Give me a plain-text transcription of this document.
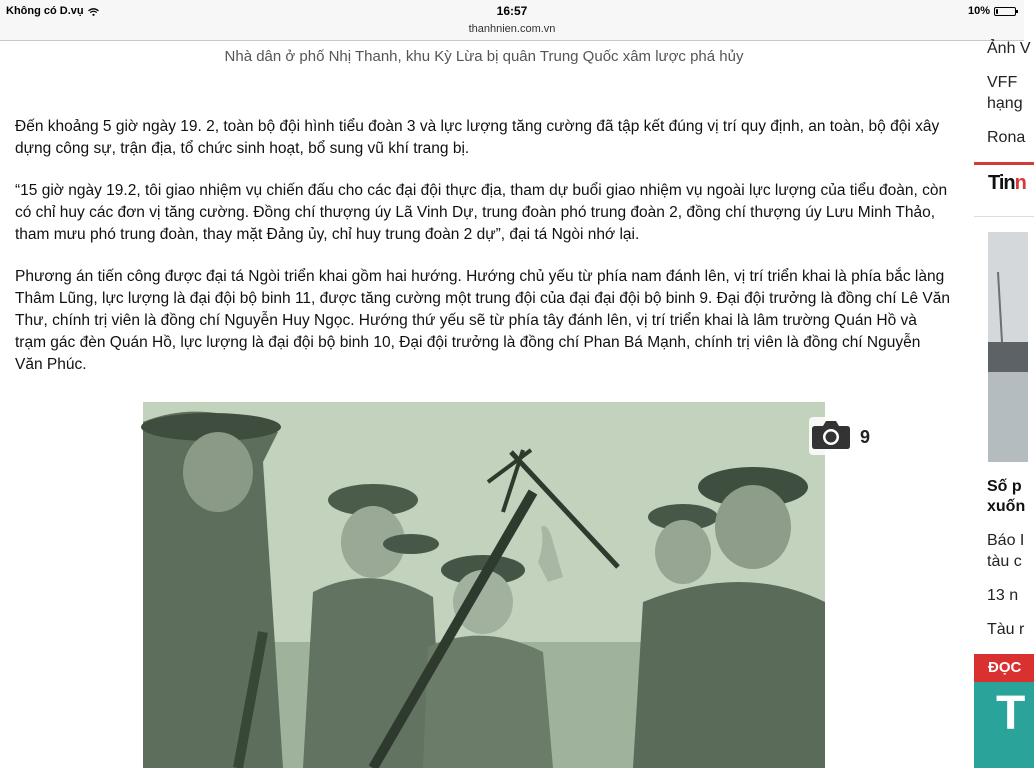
Không có D.vụ	16:57	10%
thanhnien.com.vn
Nhà dân ở phố Nhị Thanh, khu Kỳ Lừa bị quân Trung Quốc xâm lược phá hủy

Đến khoảng 5 giờ ngày 19. 2, toàn bộ đội hình tiểu đoàn 3 và lực lượng tăng cường đã tập kết đúng vị trí quy định, an toàn, bộ đội xây dựng công sự, trận địa, tổ chức sinh hoạt, bổ sung vũ khí trang bị.

“15 giờ ngày 19.2, tôi giao nhiệm vụ chiến đấu cho các đại đội thực địa, tham dự buổi giao nhiệm vụ ngoài lực lượng của tiểu đoàn, còn có chỉ huy các đơn vị tăng cường. Đồng chí thượng úy Lã Vinh Dự, trung đoàn phó trung đoàn 2, đồng chí thượng úy Lưu Minh Thảo, tham mưu phó trung đoàn, thay mặt Đảng ủy, chỉ huy trung đoàn 2 dự”, đại tá Ngòi nhớ lại.

Phương án tiến công được đại tá Ngòi triển khai gồm hai hướng. Hướng chủ yếu từ phía nam đánh lên, vị trí triển khai là phía bắc làng Thâm Lũng, lực lượng là đại đội bộ binh 11, được tăng cường một trung đội của đại đại đội bộ binh 9. Đại đội trưởng là đồng chí Lê Văn Thư, chính trị viên là đồng chí Nguyễn Huy Ngọc. Hướng thứ yếu sẽ từ phía tây đánh lên, vị trí triển khai là lâm trường Quán Hồ và trạm gác đèn Quán Hồ, lực lượng là đại đội bộ binh 10, Đại đội trưởng là đồng chí Phan Bá Mạnh, chính trị viên là đồng chí Nguyễn Văn Phúc.

9
Ảnh V
VFF
hạng
Rona
Tinn
Số p
xuốn
Báo I
tàu c
13 n
Tàu r
ĐỌC
T
